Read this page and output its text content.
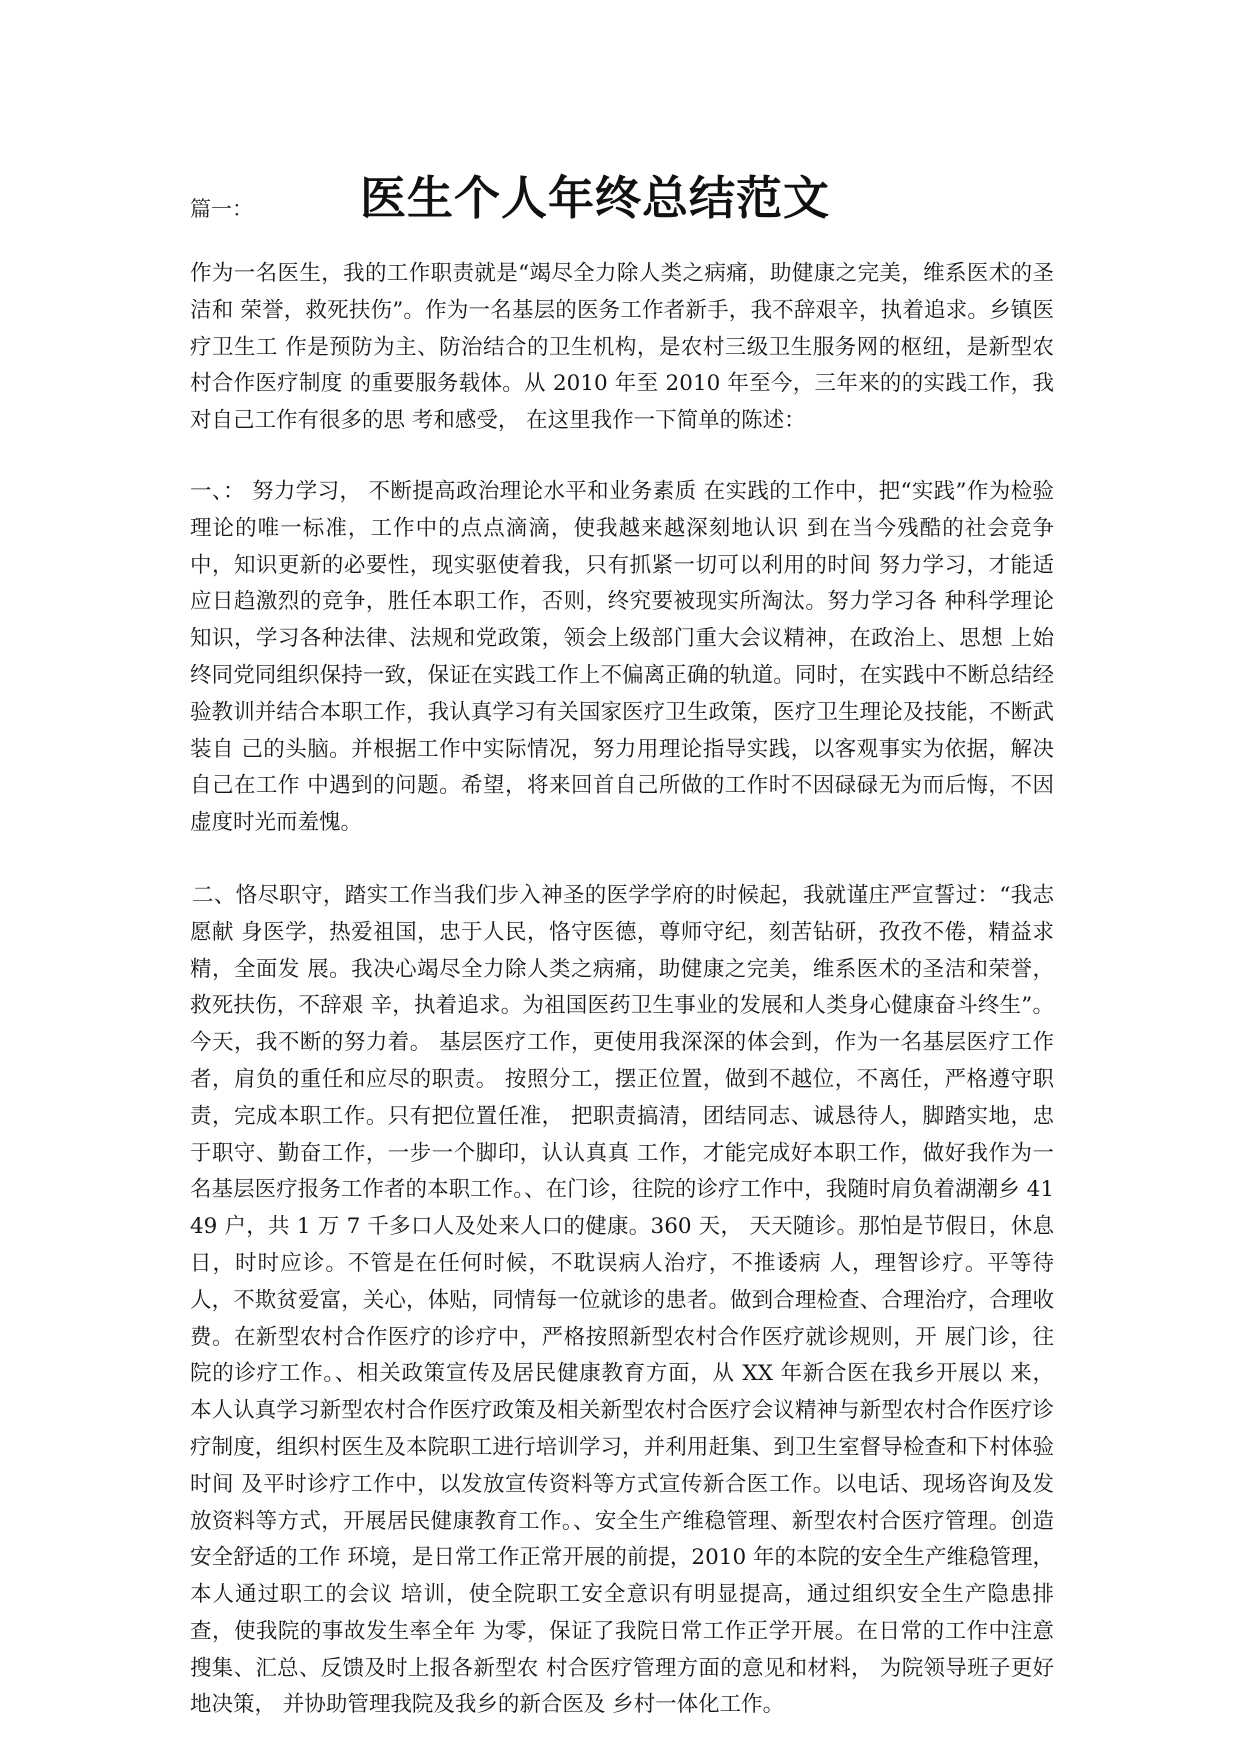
篇一： 医生个人年终总结范文

作为一名医生，我的工作职责就是“竭尽全力除人类之病痛，助健康之完美，维系医术的圣洁和 荣誉，救死扶伤”。作为一名基层的医务工作者新手，我不辞艰辛，执着追求。乡镇医疗卫生工 作是预防为主、防治结合的卫生机构，是农村三级卫生服务网的枢纽，是新型农村合作医疗制度 的重要服务载体。从 2010 年至 2010 年至今，三年来的的实践工作，我对自己工作有很多的思 考和感受， 在这里我作一下简单的陈述：

一、： 努力学习， 不断提高政治理论水平和业务素质 在实践的工作中，把“实践”作为检验理论的唯一标准，工作中的点点滴滴，使我越来越深刻地认识 到在当今残酷的社会竞争中，知识更新的必要性，现实驱使着我，只有抓紧一切可以利用的时间 努力学习，才能适应日趋激烈的竞争，胜任本职工作，否则，终究要被现实所淘汰。努力学习各 种科学理论知识，学习各种法律、法规和党政策，领会上级部门重大会议精神，在政治上、思想 上始终同党同组织保持一致，保证在实践工作上不偏离正确的轨道。同时，在实践中不断总结经验教训并结合本职工作，我认真学习有关国家医疗卫生政策，医疗卫生理论及技能，不断武装自 己的头脑。并根据工作中实际情况，努力用理论指导实践，以客观事实为依据，解决自己在工作 中遇到的问题。希望，将来回首自己所做的工作时不因碌碌无为而后悔，不因虚度时光而羞愧。

二、恪尽职守，踏实工作当我们步入神圣的医学学府的时候起，我就谨庄严宣誓过：“我志愿献 身医学，热爱祖国，忠于人民，恪守医德，尊师守纪，刻苦钻研，孜孜不倦，精益求精，全面发 展。我决心竭尽全力除人类之病痛，助健康之完美，维系医术的圣洁和荣誉，救死扶伤，不辞艰 辛，执着追求。为祖国医药卫生事业的发展和人类身心健康奋斗终生”。今天，我不断的努力着。 基层医疗工作，更使用我深深的体会到，作为一名基层医疗工作者，肩负的重任和应尽的职责。 按照分工，摆正位置，做到不越位，不离任，严格遵守职责，完成本职工作。只有把位置任准， 把职责搞清，团结同志、诚恳待人，脚踏实地，忠于职守、勤奋工作，一步一个脚印，认认真真 工作，才能完成好本职工作，做好我作为一名基层医疗报务工作者的本职工作。、在门诊，往院的诊疗工作中，我随时肩负着湖潮乡 4149 户，共 1 万 7 千多口人及处来人口的健康。360 天， 天天随诊。那怕是节假日，休息日，时时应诊。不管是在任何时候，不耽误病人治疗，不推诿病 人，理智诊疗。平等待人，不欺贫爱富，关心，体贴，同情每一位就诊的患者。做到合理检查、合理治疗，合理收费。在新型农村合作医疗的诊疗中，严格按照新型农村合作医疗就诊规则，开 展门诊，往院的诊疗工作。、相关政策宣传及居民健康教育方面，从 XX 年新合医在我乡开展以 来， 本人认真学习新型农村合作医疗政策及相关新型农村合医疗会议精神与新型农村合作医疗诊 疗制度，组织村医生及本院职工进行培训学习，并利用赶集、到卫生室督导检查和下村体验时间 及平时诊疗工作中，以发放宣传资料等方式宣传新合医工作。以电话、现场咨询及发放资料等方式，开展居民健康教育工作。、安全生产维稳管理、新型农村合医疗管理。创造安全舒适的工作 环境，是日常工作正常开展的前提，2010 年的本院的安全生产维稳管理，本人通过职工的会议 培训，使全院职工安全意识有明显提高，通过组织安全生产隐患排查，使我院的事故发生率全年 为零，保证了我院日常工作正学开展。在日常的工作中注意搜集、汇总、反馈及时上报各新型农 村合医疗管理方面的意见和材料， 为院领导班子更好地决策， 并协助管理我院及我乡的新合医及 乡村一体化工作。
